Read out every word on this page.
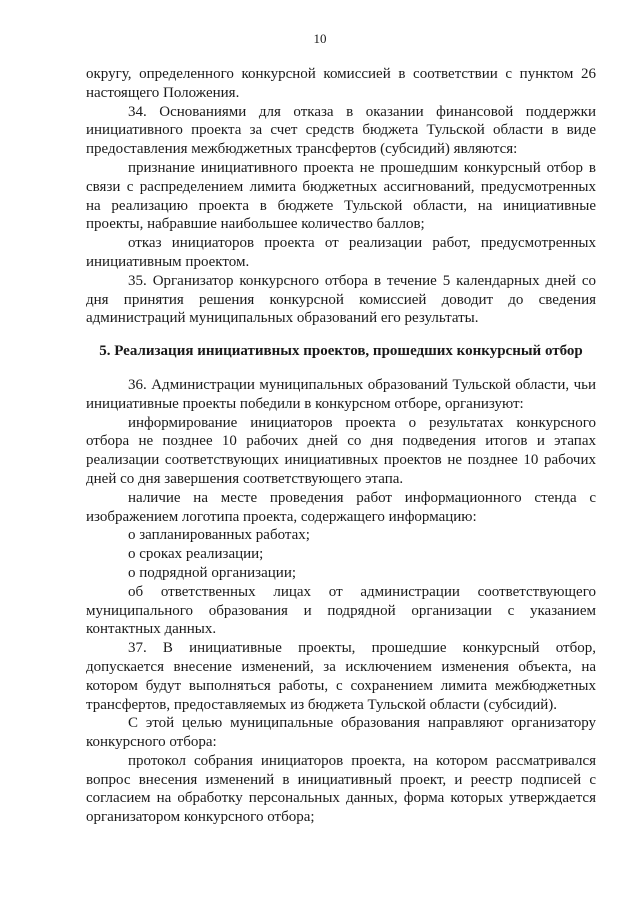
10

округу, определенного конкурсной комиссией в соответствии с пунктом 26 настоящего Положения.

34. Основаниями для отказа в оказании финансовой поддержки инициативного проекта за счет средств бюджета Тульской области в виде предоставления межбюджетных трансфертов (субсидий) являются:

признание инициативного проекта не прошедшим конкурсный отбор в связи с распределением лимита бюджетных ассигнований, предусмотренных на реализацию проекта в бюджете Тульской области, на инициативные проекты, набравшие наибольшее количество баллов;

отказ инициаторов проекта от реализации работ, предусмотренных инициативным проектом.

35. Организатор конкурсного отбора в течение 5 календарных дней со дня принятия решения конкурсной комиссией доводит до сведения администраций муниципальных образований его результаты.

5. Реализация инициативных проектов, прошедших конкурсный отбор

36. Администрации муниципальных образований Тульской области, чьи инициативные проекты победили в конкурсном отборе, организуют:

информирование инициаторов проекта о результатах конкурсного отбора не позднее 10 рабочих дней со дня подведения итогов и этапах реализации соответствующих инициативных проектов не позднее 10 рабочих дней со дня завершения соответствующего этапа.

наличие на месте проведения работ информационного стенда с изображением логотипа проекта, содержащего информацию:

о запланированных работах;

о сроках реализации;

о подрядной организации;

об ответственных лицах от администрации соответствующего муниципального образования и подрядной организации с указанием контактных данных.

37. В инициативные проекты, прошедшие конкурсный отбор, допускается внесение изменений, за исключением изменения объекта, на котором будут выполняться работы, с сохранением лимита межбюджетных трансфертов, предоставляемых из бюджета Тульской области (субсидий).

С этой целью муниципальные образования направляют организатору конкурсного отбора:

протокол собрания инициаторов проекта, на котором рассматривался вопрос внесения изменений в инициативный проект, и реестр подписей с согласием на обработку персональных данных, форма которых утверждается организатором конкурсного отбора;
